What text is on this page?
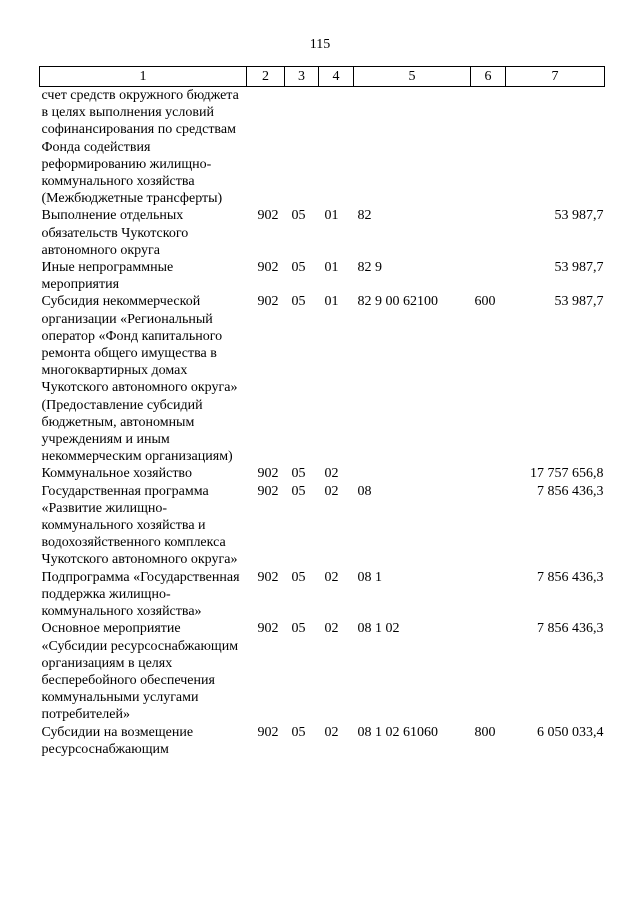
115
1	2	3	4	5	6	7
счет средств окружного бюджета в целях выполнения условий софинансирования по средствам Фонда содействия реформированию жилищно-коммунального хозяйства (Межбюджетные трансферты)						
Выполнение отдельных обязательств Чукотского автономного округа	902	05	01	82		53 987,7
Иные непрограммные мероприятия	902	05	01	82 9		53 987,7
Субсидия некоммерческой организации «Региональный оператор «Фонд капитального ремонта общего имущества в многоквартирных домах Чукотского автономного округа» (Предоставление субсидий бюджетным, автономным учреждениям и иным некоммерческим организациям)	902	05	01	82 9 00 62100	600	53 987,7
Коммунальное хозяйство	902	05	02			17 757 656,8
Государственная программа «Развитие жилищно-коммунального хозяйства и водохозяйственного комплекса Чукотского автономного округа»	902	05	02	08		7 856 436,3
Подпрограмма «Государственная поддержка жилищно-коммунального хозяйства»	902	05	02	08 1		7 856 436,3
Основное мероприятие «Субсидии ресурсоснабжающим организациям в целях бесперебойного обеспечения коммунальными услугами потребителей»	902	05	02	08 1 02		7 856 436,3
Субсидии на возмещение ресурсоснабжающим	902	05	02	08 1 02 61060	800	6 050 033,4
